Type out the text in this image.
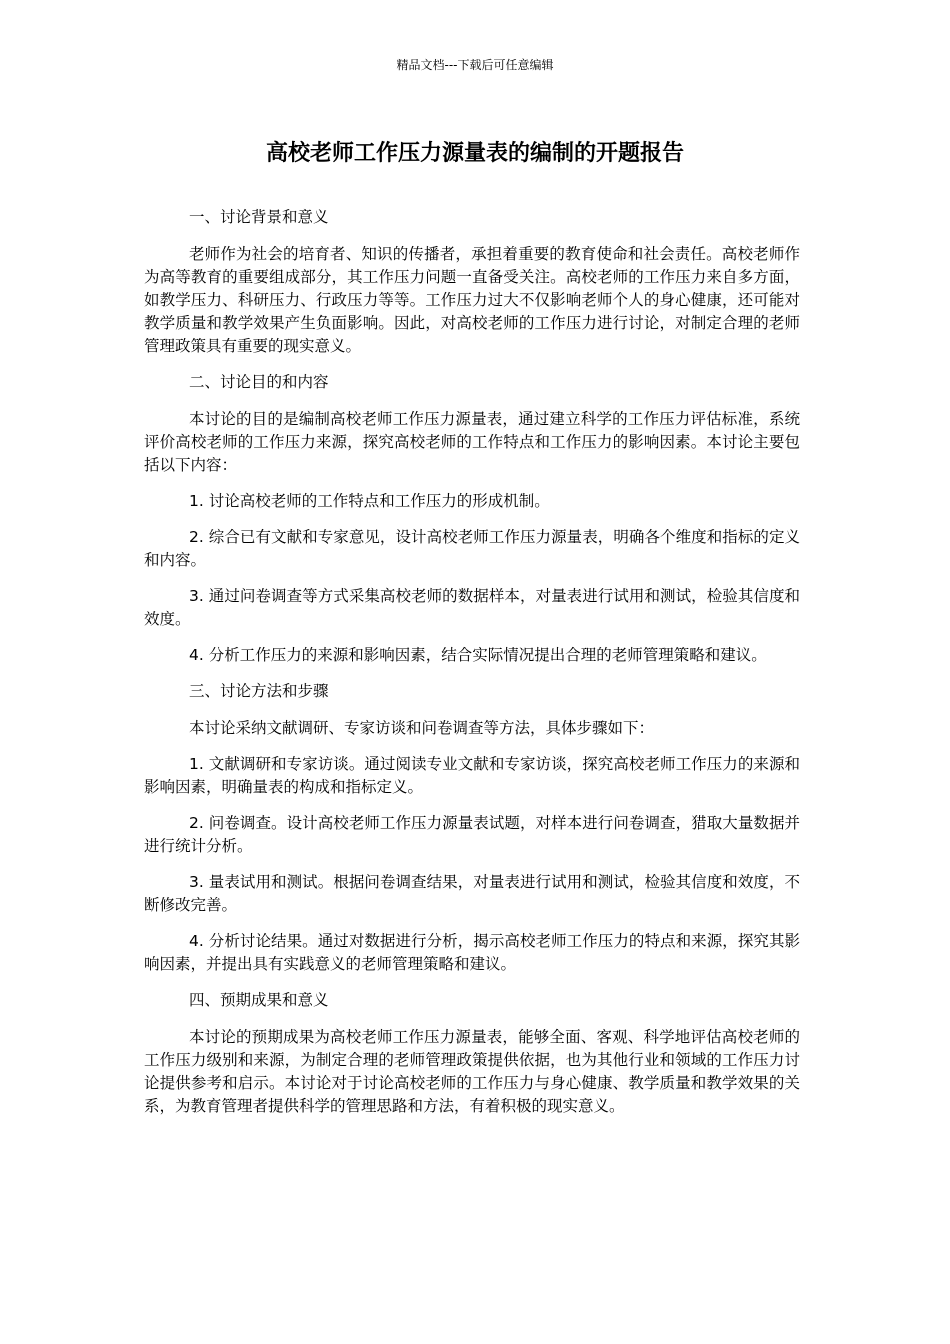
精品文档---下载后可任意编辑
高校老师工作压力源量表的编制的开题报告

一、讨论背景和意义

老师作为社会的培育者、知识的传播者，承担着重要的教育使命和社会责任。高校老师作为高等教育的重要组成部分，其工作压力问题一直备受关注。高校老师的工作压力来自多方面，如教学压力、科研压力、行政压力等等。工作压力过大不仅影响老师个人的身心健康，还可能对教学质量和教学效果产生负面影响。因此，对高校老师的工作压力进行讨论，对制定合理的老师管理政策具有重要的现实意义。

二、讨论目的和内容

本讨论的目的是编制高校老师工作压力源量表，通过建立科学的工作压力评估标准，系统评价高校老师的工作压力来源，探究高校老师的工作特点和工作压力的影响因素。本讨论主要包括以下内容：

1. 讨论高校老师的工作特点和工作压力的形成机制。

2. 综合已有文献和专家意见，设计高校老师工作压力源量表，明确各个维度和指标的定义和内容。

3. 通过问卷调查等方式采集高校老师的数据样本，对量表进行试用和测试，检验其信度和效度。

4. 分析工作压力的来源和影响因素，结合实际情况提出合理的老师管理策略和建议。

三、讨论方法和步骤

本讨论采纳文献调研、专家访谈和问卷调查等方法，具体步骤如下：

1. 文献调研和专家访谈。通过阅读专业文献和专家访谈，探究高校老师工作压力的来源和影响因素，明确量表的构成和指标定义。

2. 问卷调查。设计高校老师工作压力源量表试题，对样本进行问卷调查，猎取大量数据并进行统计分析。

3. 量表试用和测试。根据问卷调查结果，对量表进行试用和测试，检验其信度和效度，不断修改完善。

4. 分析讨论结果。通过对数据进行分析，揭示高校老师工作压力的特点和来源，探究其影响因素，并提出具有实践意义的老师管理策略和建议。

四、预期成果和意义

本讨论的预期成果为高校老师工作压力源量表，能够全面、客观、科学地评估高校老师的工作压力级别和来源，为制定合理的老师管理政策提供依据，也为其他行业和领域的工作压力讨论提供参考和启示。本讨论对于讨论高校老师的工作压力与身心健康、教学质量和教学效果的关系，为教育管理者提供科学的管理思路和方法，有着积极的现实意义。
